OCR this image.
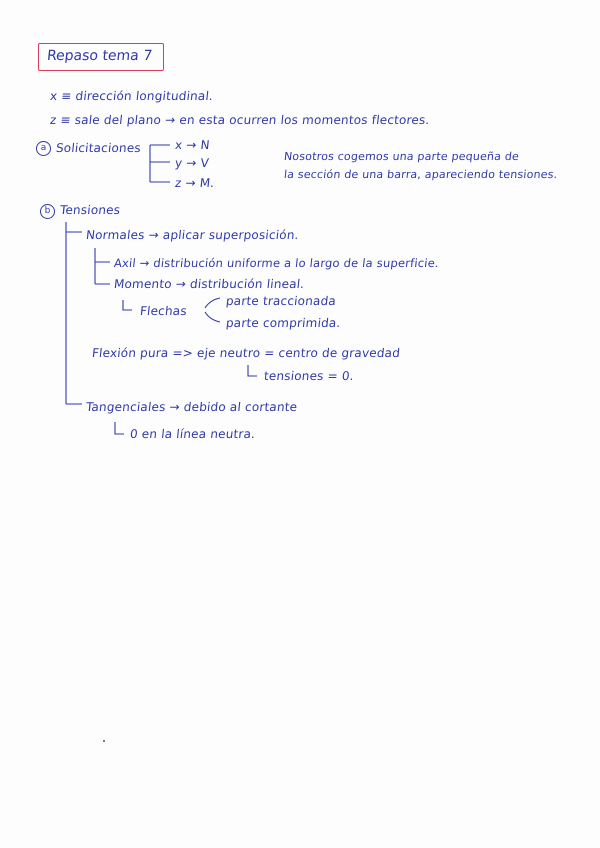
Repaso tema 7
x ≡ dirección longitudinal.
z ≡ sale del plano → en esta ocurren los momentos flectores.
a Solicitaciones	x → N
y → V
z → M.
Nosotros cogemos una parte pequeña de
la sección de una barra, apareciendo tensiones.
b Tensiones
Normales → aplicar superposición.
Axil → distribución uniforme a lo largo de la superficie.
Momento → distribución lineal.
Flechas
parte traccionada
parte comprimida.
Flexión pura => eje neutro = centro de gravedad
tensiones = 0.
Tangenciales → debido al cortante
0 en la línea neutra.
